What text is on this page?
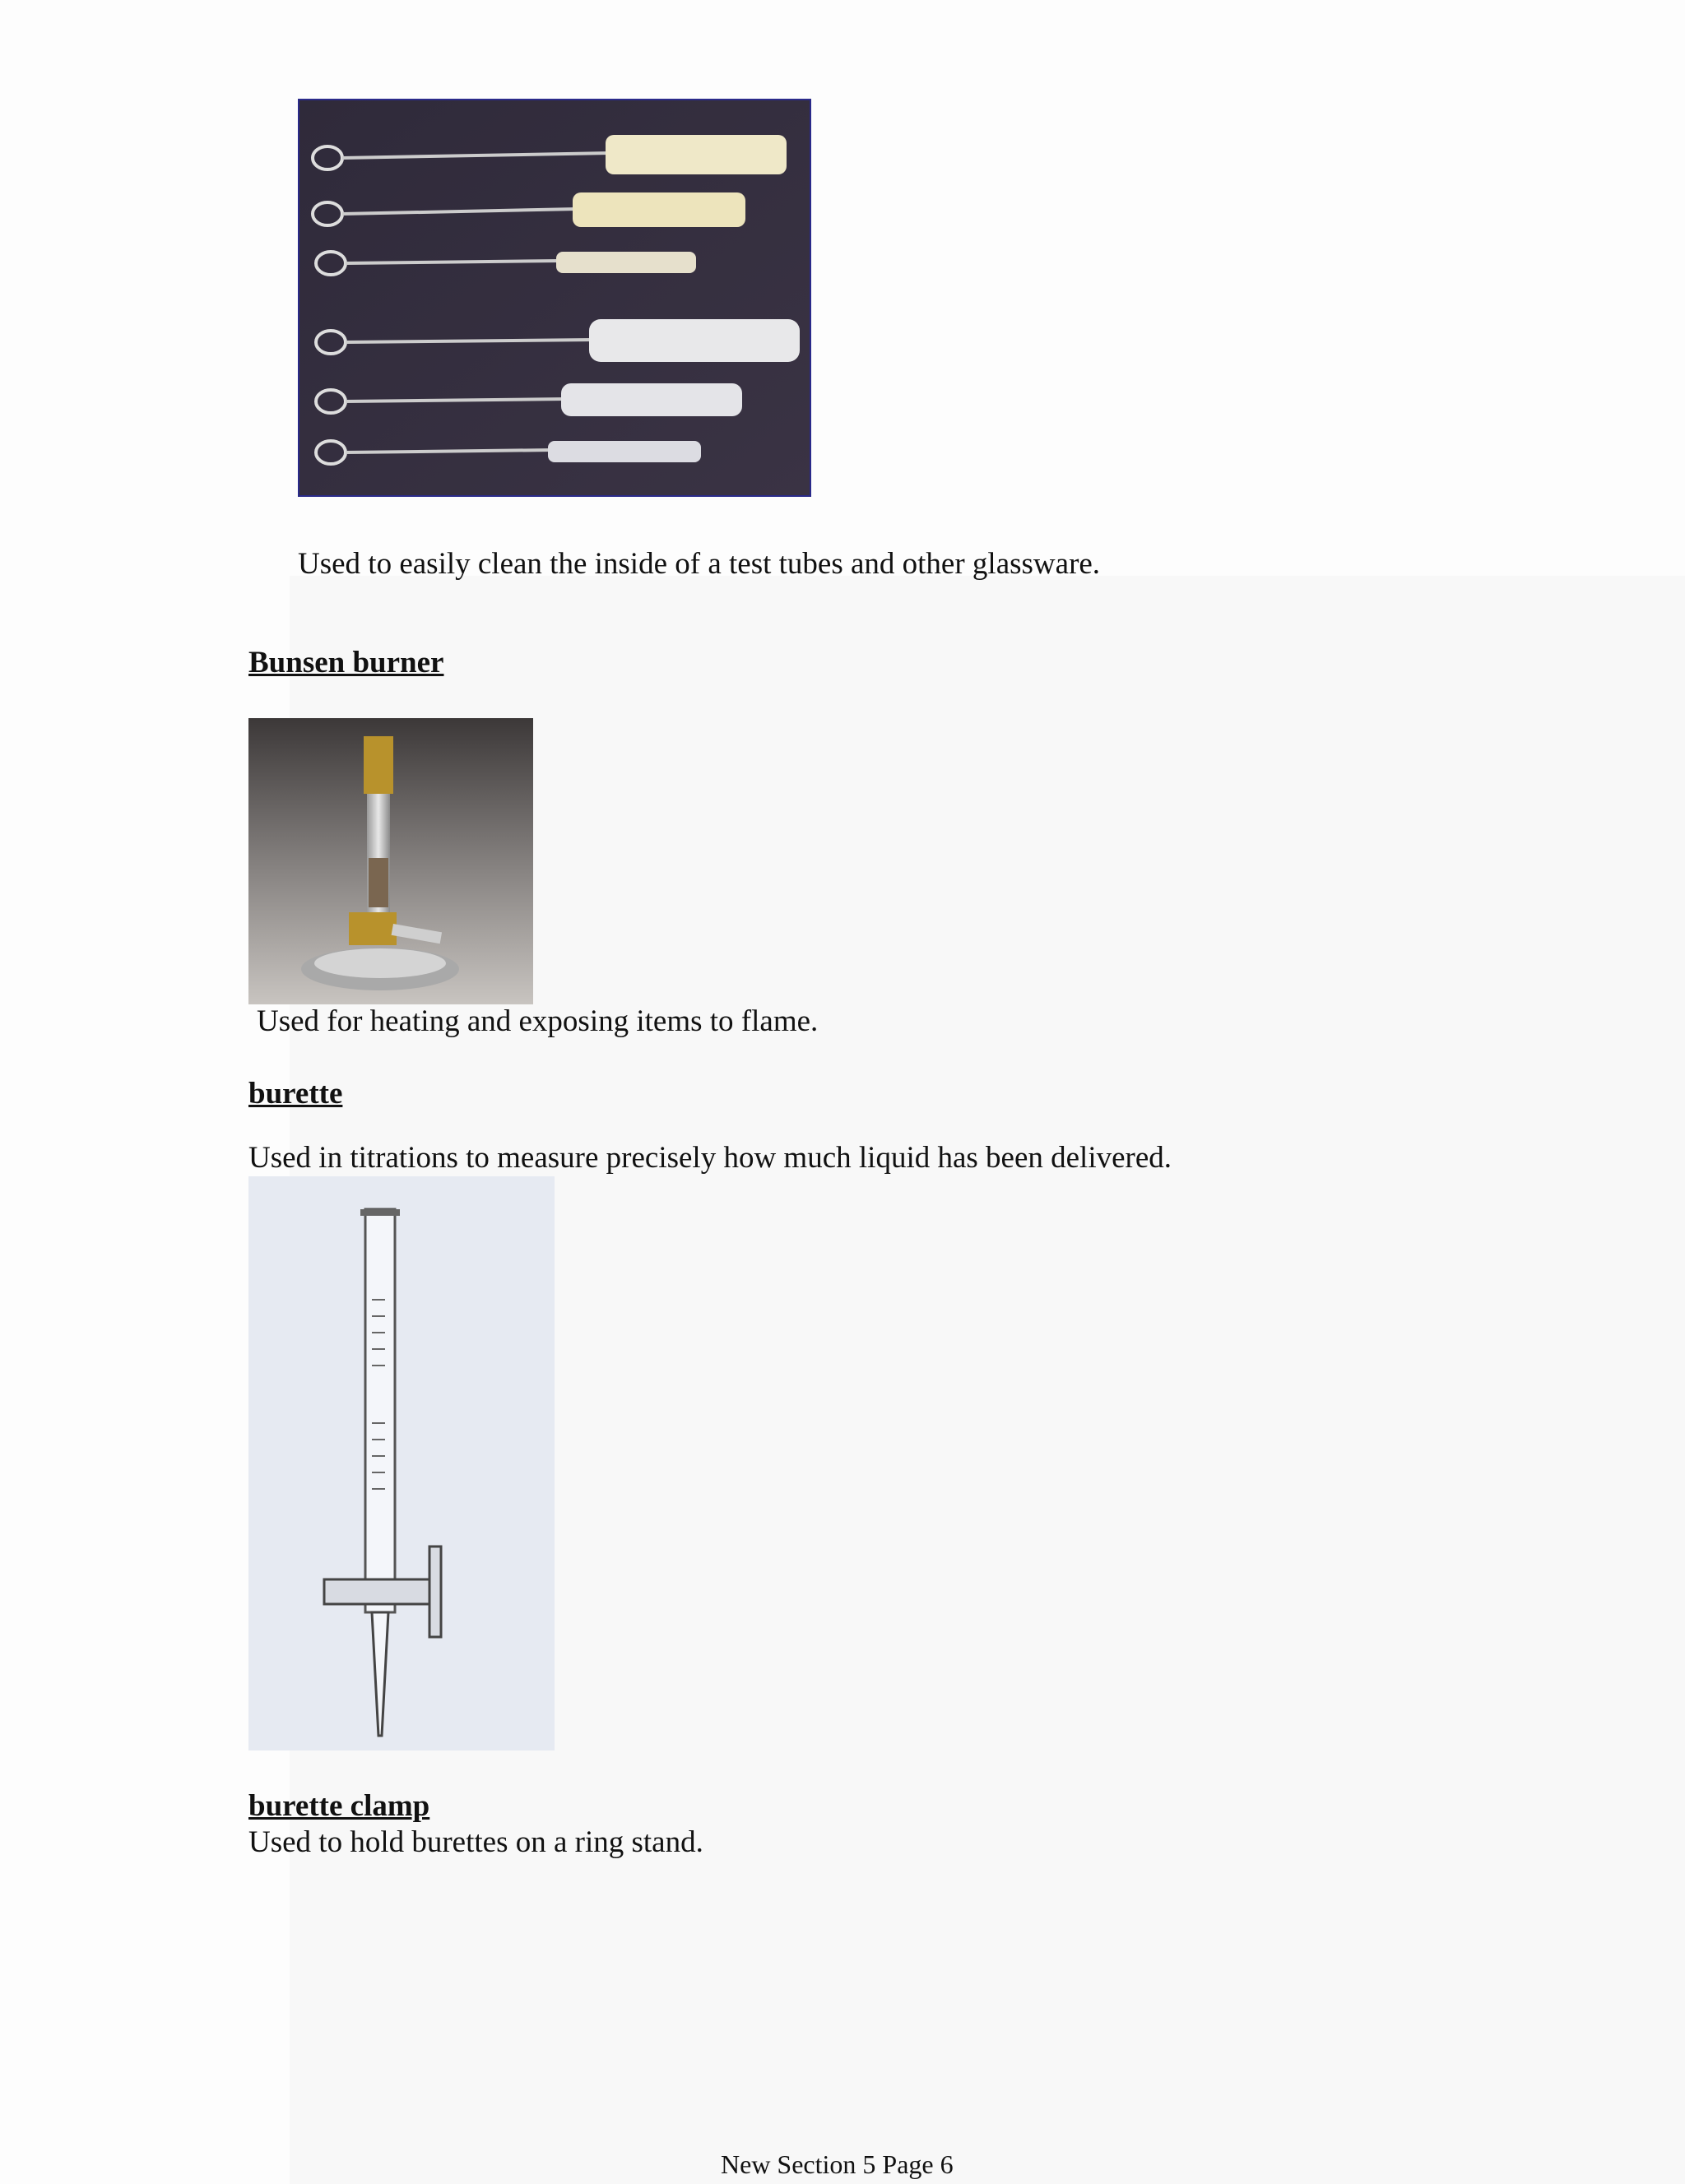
Used to easily clean the inside of a test tubes and other glassware.
Bunsen burner
Used for heating and exposing items to flame.
burette
Used in titrations to measure precisely how much liquid has been delivered.
burette clamp
Used to hold burettes on a ring stand.
New Section 5 Page 6
